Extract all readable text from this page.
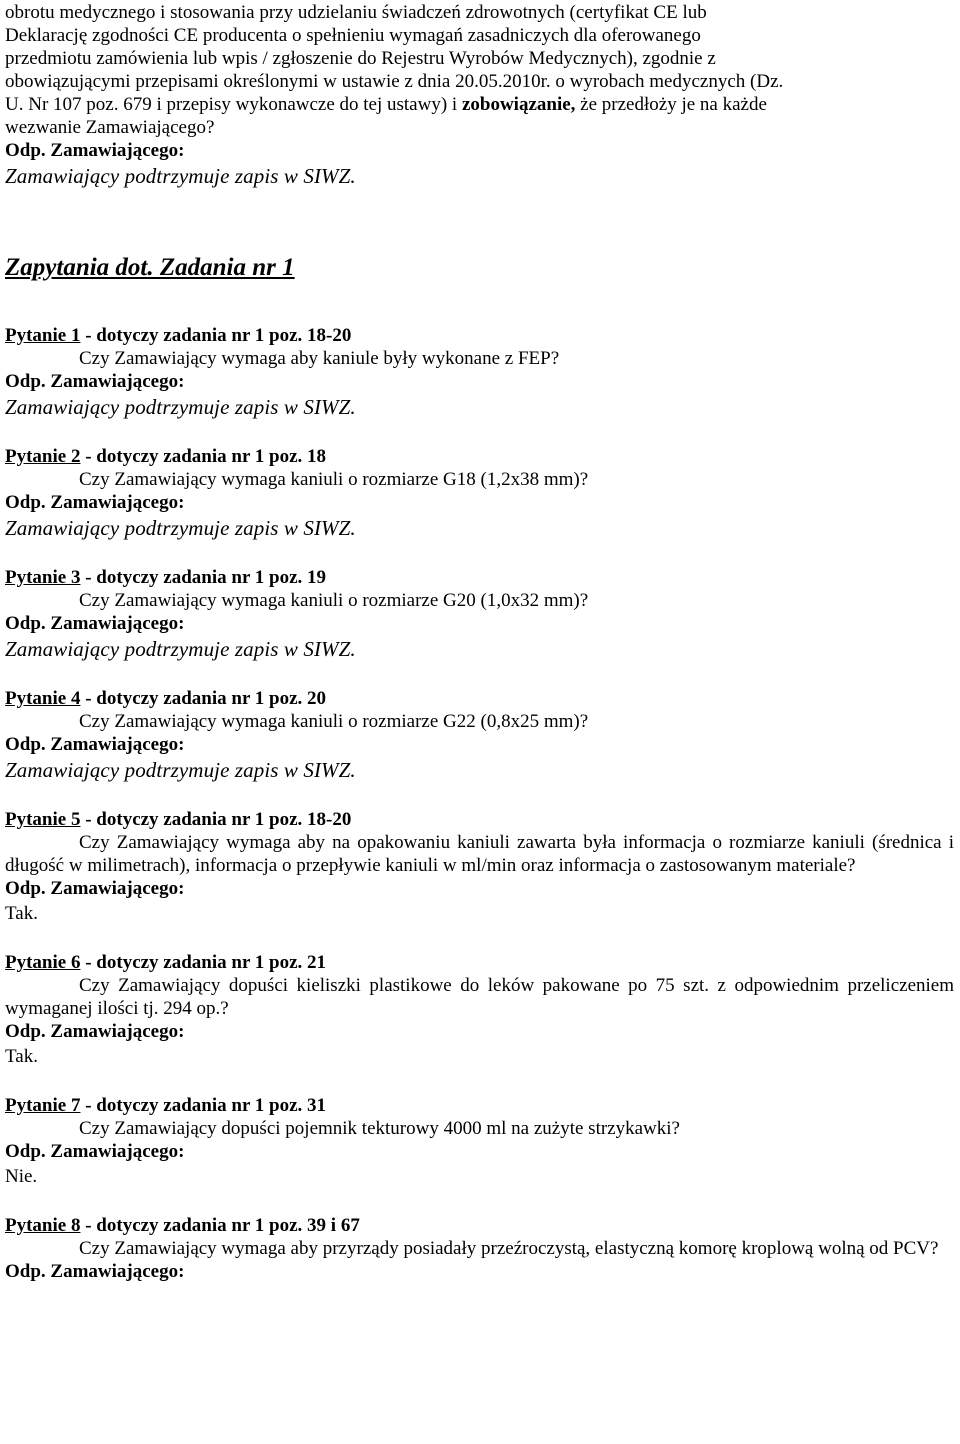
obrotu medycznego i stosowania przy udzielaniu świadczeń zdrowotnych (certyfikat CE lub

Deklarację zgodności CE producenta o spełnieniu wymagań zasadniczych dla oferowanego

przedmiotu zamówienia lub wpis / zgłoszenie do Rejestru Wyrobów Medycznych), zgodnie z

obowiązującymi przepisami określonymi w ustawie z dnia 20.05.2010r. o wyrobach medycznych (Dz.

U. Nr 107 poz. 679 i przepisy wykonawcze do tej ustawy) i zobowiązanie, że przedłoży je na każde

wezwanie Zamawiającego?

Odp. Zamawiającego:

Zamawiający podtrzymuje zapis w SIWZ.

Zapytania dot. Zadania nr 1

Pytanie 1 - dotyczy zadania nr 1 poz. 18-20

Czy Zamawiający wymaga aby kaniule były wykonane z FEP?

Odp. Zamawiającego:

Zamawiający podtrzymuje zapis w SIWZ.

Pytanie 2 - dotyczy zadania nr 1 poz. 18

Czy Zamawiający wymaga kaniuli o rozmiarze G18 (1,2x38 mm)?

Odp. Zamawiającego:

Zamawiający podtrzymuje zapis w SIWZ.

Pytanie 3 - dotyczy zadania nr 1 poz. 19

Czy Zamawiający wymaga kaniuli o rozmiarze G20 (1,0x32 mm)?

Odp. Zamawiającego:

Zamawiający podtrzymuje zapis w SIWZ.

Pytanie 4 - dotyczy zadania nr 1 poz. 20

Czy Zamawiający wymaga kaniuli o rozmiarze G22 (0,8x25 mm)?

Odp. Zamawiającego:

Zamawiający podtrzymuje zapis w SIWZ.

Pytanie 5 - dotyczy zadania nr 1 poz. 18-20

Czy Zamawiający wymaga aby na opakowaniu kaniuli zawarta była informacja o rozmiarze kaniuli (średnica i długość w milimetrach), informacja o przepływie kaniuli w ml/min oraz informacja o zastosowanym materiale?

Odp. Zamawiającego:

Tak.

Pytanie 6 - dotyczy zadania nr 1 poz. 21

Czy Zamawiający dopuści kieliszki plastikowe do leków pakowane po 75 szt. z odpowiednim przeliczeniem wymaganej ilości tj. 294 op.?

Odp. Zamawiającego:

Tak.

Pytanie 7 - dotyczy zadania nr 1 poz. 31

Czy Zamawiający dopuści pojemnik tekturowy 4000 ml na zużyte strzykawki?

Odp. Zamawiającego:

Nie.

Pytanie 8 - dotyczy zadania nr 1 poz. 39 i 67

Czy Zamawiający wymaga aby przyrządy posiadały przeźroczystą, elastyczną komorę kroplową wolną od PCV?

Odp. Zamawiającego:
